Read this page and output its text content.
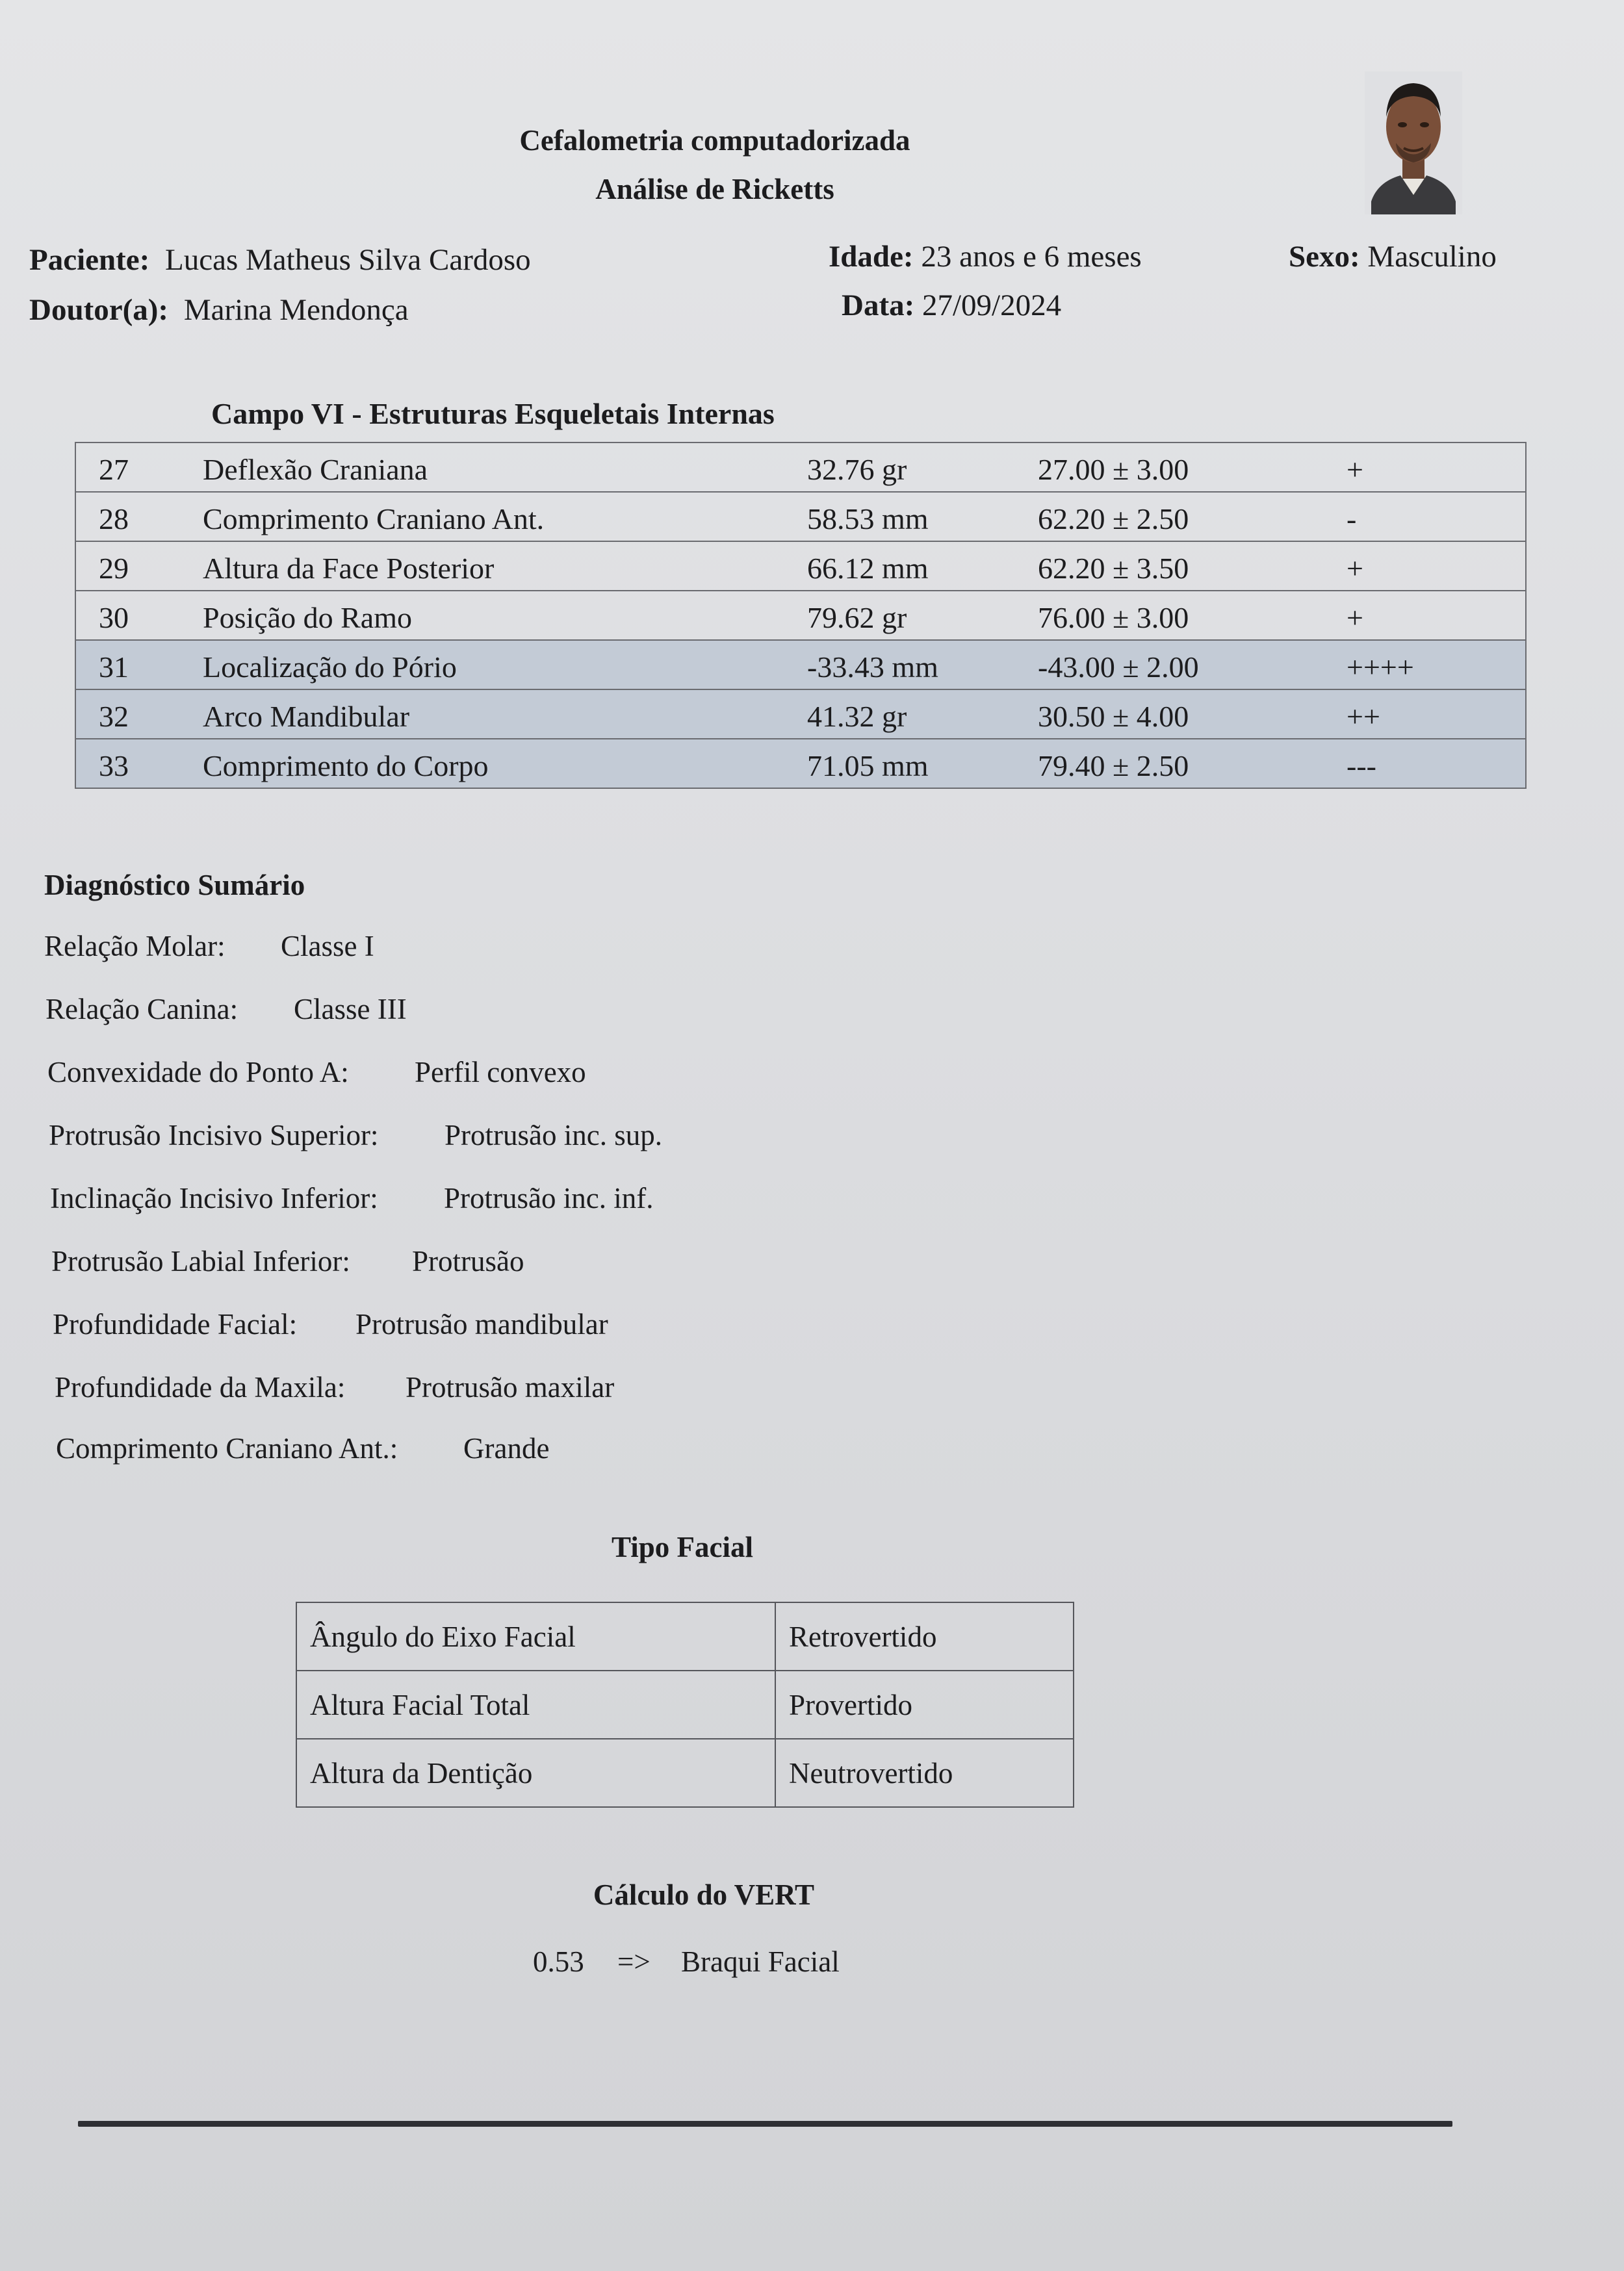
Cefalometria computadorizada
Análise de Ricketts
Paciente: Lucas Matheus Silva Cardoso	Idade: 23 anos e 6 meses	Sexo: Masculino
Doutor(a): Marina Mendonça	Data: 27/09/2024
Campo VI - Estruturas Esqueletais Internas
27 Deflexão Craniana	32.76 gr	27.00 ± 3.00	+
28 Comprimento Craniano Ant.	58.53 mm	62.20 ± 2.50	-
29 Altura da Face Posterior	66.12 mm	62.20 ± 3.50	+
30 Posição do Ramo	79.62 gr	76.00 ± 3.00	+
31 Localização do Pório	-33.43 mm	-43.00 ± 2.00	++++
32 Arco Mandibular	41.32 gr	30.50 ± 4.00	++
33 Comprimento do Corpo	71.05 mm	79.40 ± 2.50	---
Diagnóstico Sumário
Relação Molar: Classe I
Relação Canina: Classe III
Convexidade do Ponto A: Perfil convexo
Protrusão Incisivo Superior: Protrusão inc. sup.
Inclinação Incisivo Inferior: Protrusão inc. inf.
Protrusão Labial Inferior: Protrusão
Profundidade Facial: Protrusão mandibular
Profundidade da Maxila: Protrusão maxilar
Comprimento Craniano Ant.: Grande
Tipo Facial
Ângulo do Eixo Facial	Retrovertido
Altura Facial Total	Provertido
Altura da Dentição	Neutrovertido
Cálculo do VERT
0.53 => Braqui Facial
